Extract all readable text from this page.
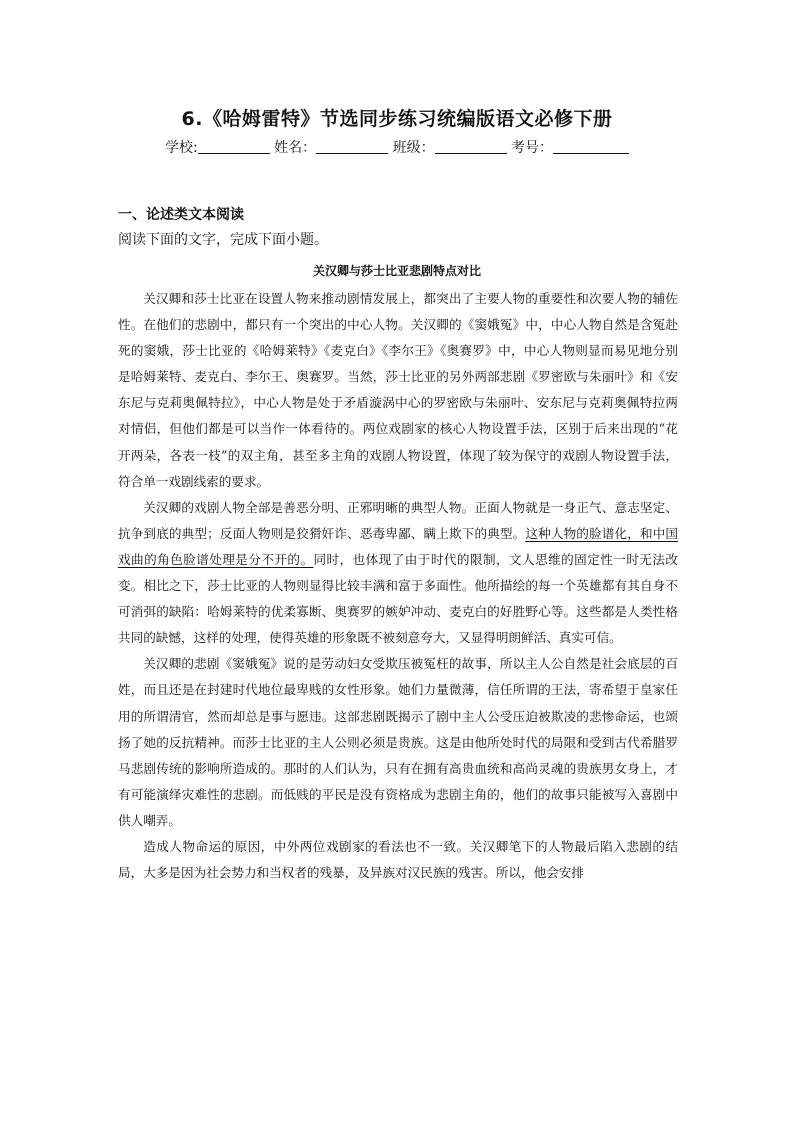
6.《哈姆雷特》节选同步练习统编版语文必修下册
学校:	姓名：	班级：	考号：
一、论述类文本阅读
阅读下面的文字，完成下面小题。
关汉卿与莎士比亚悲剧特点对比

关汉卿和莎士比亚在设置人物来推动剧情发展上，都突出了主要人物的重要性和次要人物的辅佐性。在他们的悲剧中，都只有一个突出的中心人物。关汉卿的《窦娥冤》中，中心人物自然是含冤赴死的窦娥，莎士比亚的《哈姆莱特》《麦克白》《李尔王》《奥赛罗》中，中心人物则显而易见地分别是哈姆莱特、麦克白、李尔王、奥赛罗。当然，莎士比亚的另外两部悲剧《罗密欧与朱丽叶》和《安东尼与克莉奥佩特拉》，中心人物是处于矛盾漩涡中心的罗密欧与朱丽叶、安东尼与克莉奥佩特拉两对情侣，但他们都是可以当作一体看待的。两位戏剧家的核心人物设置手法，区别于后来出现的“花开两朵，各表一枝”的双主角，甚至多主角的戏剧人物设置，体现了较为保守的戏剧人物设置手法，符合单一戏剧线索的要求。

关汉卿的戏剧人物全部是善恶分明、正邪明晰的典型人物。正面人物就是一身正气、意志坚定、抗争到底的典型；反面人物则是狡猾奸诈、恶毒卑鄙、瞒上欺下的典型。这种人物的脸谱化，和中国戏曲的角色脸谱处理是分不开的。同时，也体现了由于时代的限制，文人思维的固定性一时无法改变。相比之下，莎士比亚的人物则显得比较丰满和富于多面性。他所描绘的每一个英雄都有其自身不可消弭的缺陷：哈姆莱特的优柔寡断、奥赛罗的嫉妒冲动、麦克白的好胜野心等。这些都是人类性格共同的缺憾，这样的处理，使得英雄的形象既不被刻意夸大，又显得明朗鲜活、真实可信。

关汉卿的悲剧《窦娥冤》说的是劳动妇女受欺压被冤枉的故事，所以主人公自然是社会底层的百姓，而且还是在封建时代地位最卑贱的女性形象。她们力量微薄，信任所谓的王法，寄希望于皇家任用的所谓清官，然而却总是事与愿违。这部悲剧既揭示了剧中主人公受压迫被欺凌的悲惨命运，也颂扬了她的反抗精神。而莎士比亚的主人公则必须是贵族。这是由他所处时代的局限和受到古代希腊罗马悲剧传统的影响所造成的。那时的人们认为，只有在拥有高贵血统和高尚灵魂的贵族男女身上，才有可能演绎灾难性的悲剧。而低贱的平民是没有资格成为悲剧主角的，他们的故事只能被写入喜剧中供人嘲弄。

造成人物命运的原因，中外两位戏剧家的看法也不一致。关汉卿笔下的人物最后陷入悲剧的结局，大多是因为社会势力和当权者的残暴，及异族对汉民族的残害。所以，他会安排
